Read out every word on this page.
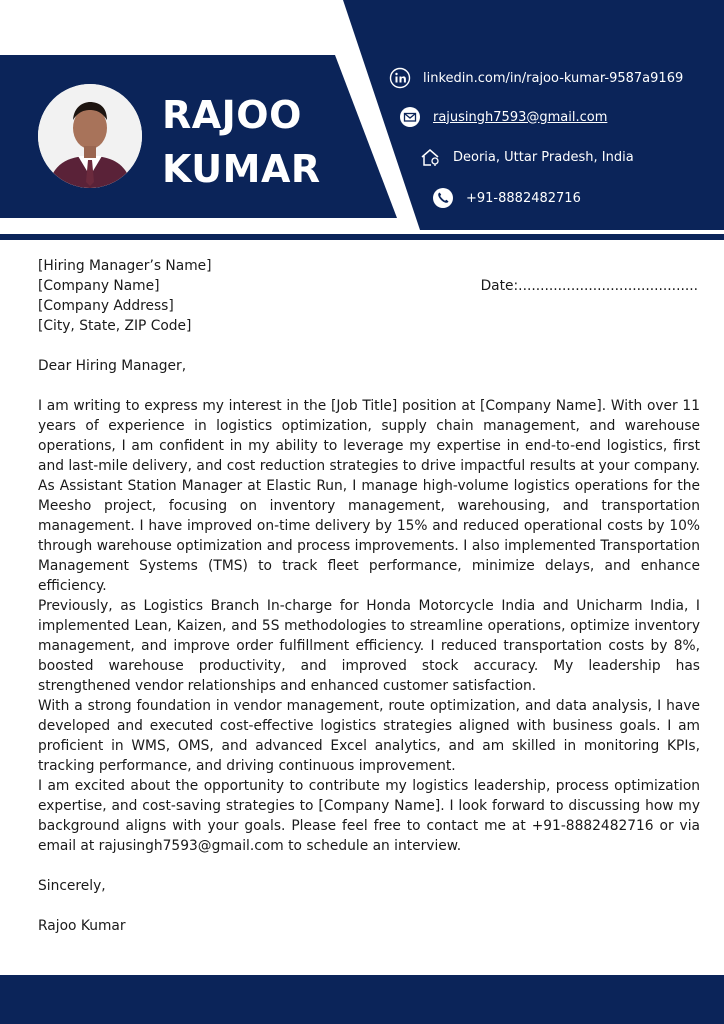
RAJOO
KUMAR
linkedin.com/in/rajoo-kumar-9587a9169
rajusingh7593@gmail.com
Deoria, Uttar Pradesh, India
+91-8882482716
[Hiring Manager’s Name]
[Company Name]
[Company Address]
[City, State, ZIP Code]
Date:.........................................
Dear Hiring Manager,

I am writing to express my interest in the [Job Title] position at [Company Name]. With over 11 years of experience in logistics optimization, supply chain management, and warehouse operations, I am confident in my ability to leverage my expertise in end-to-end logistics, first and last-mile delivery, and cost reduction strategies to drive impactful results at your company.

As Assistant Station Manager at Elastic Run, I manage high-volume logistics operations for the Meesho project, focusing on inventory management, warehousing, and transportation management. I have improved on-time delivery by 15% and reduced operational costs by 10% through warehouse optimization and process improvements. I also implemented Transportation Management Systems (TMS) to track fleet performance, minimize delays, and enhance efficiency.

Previously, as Logistics Branch In-charge for Honda Motorcycle India and Unicharm India, I implemented Lean, Kaizen, and 5S methodologies to streamline operations, optimize inventory management, and improve order fulfillment efficiency. I reduced transportation costs by 8%, boosted warehouse productivity, and improved stock accuracy. My leadership has strengthened vendor relationships and enhanced customer satisfaction.

With a strong foundation in vendor management, route optimization, and data analysis, I have developed and executed cost-effective logistics strategies aligned with business goals. I am proficient in WMS, OMS, and advanced Excel analytics, and am skilled in monitoring KPIs, tracking performance, and driving continuous improvement.

I am excited about the opportunity to contribute my logistics leadership, process optimization expertise, and cost-saving strategies to [Company Name]. I look forward to discussing how my background aligns with your goals. Please feel free to contact me at +91-8882482716 or via email at rajusingh7593@gmail.com to schedule an interview.

Sincerely,
Rajoo Kumar
